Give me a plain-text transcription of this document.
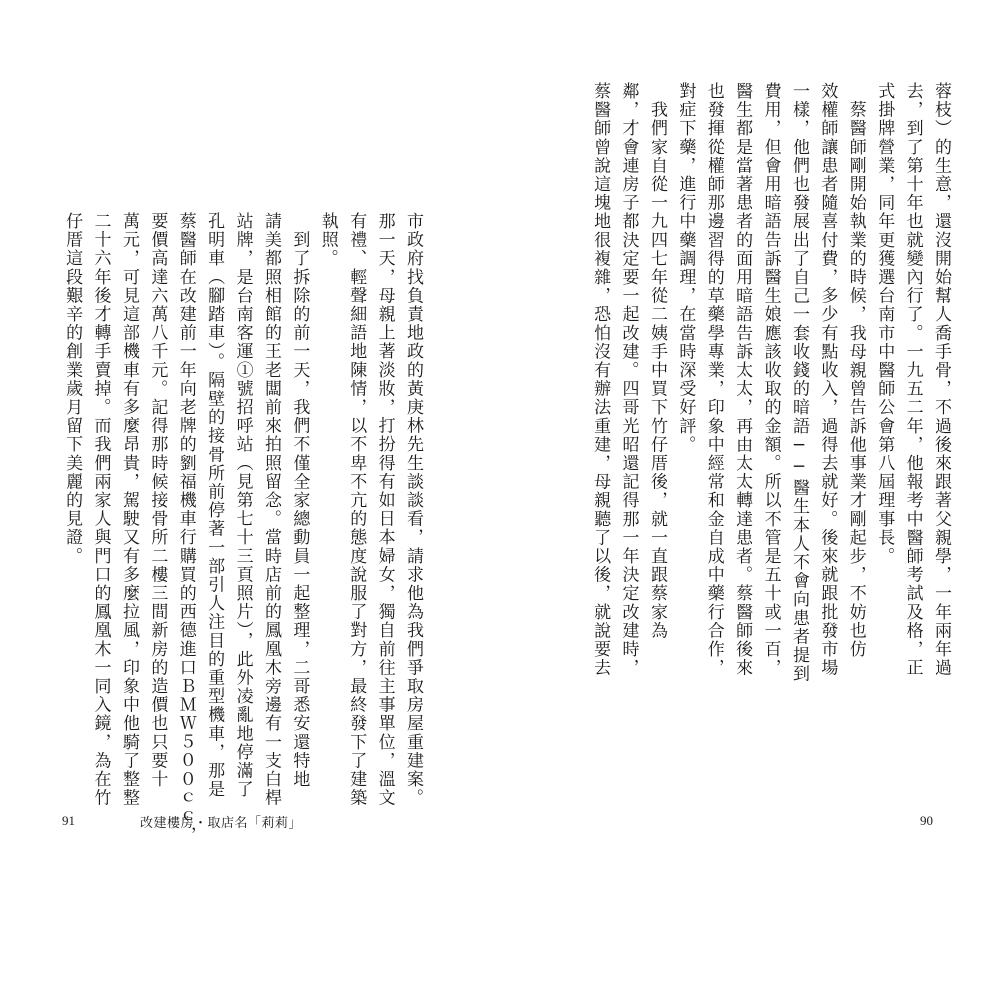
蓉枝）的生意，還沒開始幫人喬手骨，不過後來跟著父親學，一年兩年過
去，到了第十年也就變內行了。一九五二年，他報考中醫師考試及格，正
式掛牌營業，同年更獲選台南市中醫師公會第八屆理事長。
　蔡醫師剛開始執業的時候，我母親曾告訴他事業才剛起步，不妨也仿
效權師讓患者隨喜付費，多少有點收入，過得去就好。後來就跟批發市場
一樣，他們也發展出了自己一套收錢的暗語──醫生本人不會向患者提到
費用，但會用暗語告訴醫生娘應該收取的金額。所以不管是五十或一百，
醫生都是當著患者的面用暗語告訴太太，再由太太轉達患者。蔡醫師後來
也發揮從權師那邊習得的草藥學專業，印象中經常和金自成中藥行合作，
對症下藥，進行中藥調理，在當時深受好評。
　我們家自從一九四七年從二姨手中買下竹仔厝後，就一直跟蔡家為
鄰，才會連房子都決定要一起改建。四哥光昭還記得那一年決定改建時，
蔡醫師曾說這塊地很複雜，恐怕沒有辦法重建，母親聽了以後，就說要去
市政府找負責地政的黃庚林先生談談看，請求他為我們爭取房屋重建案。
那一天，母親上著淡妝，打扮得有如日本婦女，獨自前往主事單位，溫文
有禮、輕聲細語地陳情，以不卑不亢的態度說服了對方，最終發下了建築
執照。
　到了拆除的前一天，我們不僅全家總動員一起整理，二哥悉安還特地
請美都照相館的王老闆前來拍照留念。當時店前的鳳凰木旁邊有一支白桿
站牌，是台南客運①號招呼站（見第七十三頁照片），此外凌亂地停滿了
孔明車（腳踏車）。隔壁的接骨所前停著一部引人注目的重型機車，那是
蔡醫師在改建前一年向老牌的劉福機車行購買的西德進口ＢＭＷ５００ｃｃ，
要價高達六萬八千元。記得那時候接骨所二樓三間新房的造價也只要十
萬元，可見這部機車有多麼昂貴，駕駛又有多麼拉風，印象中他騎了整整
二十六年後才轉手賣掉。而我們兩家人與門口的鳳凰木一同入鏡，為在竹
仔厝這段艱辛的創業歲月留下美麗的見證。
91	改建樓房・取店名「莉莉」	90
